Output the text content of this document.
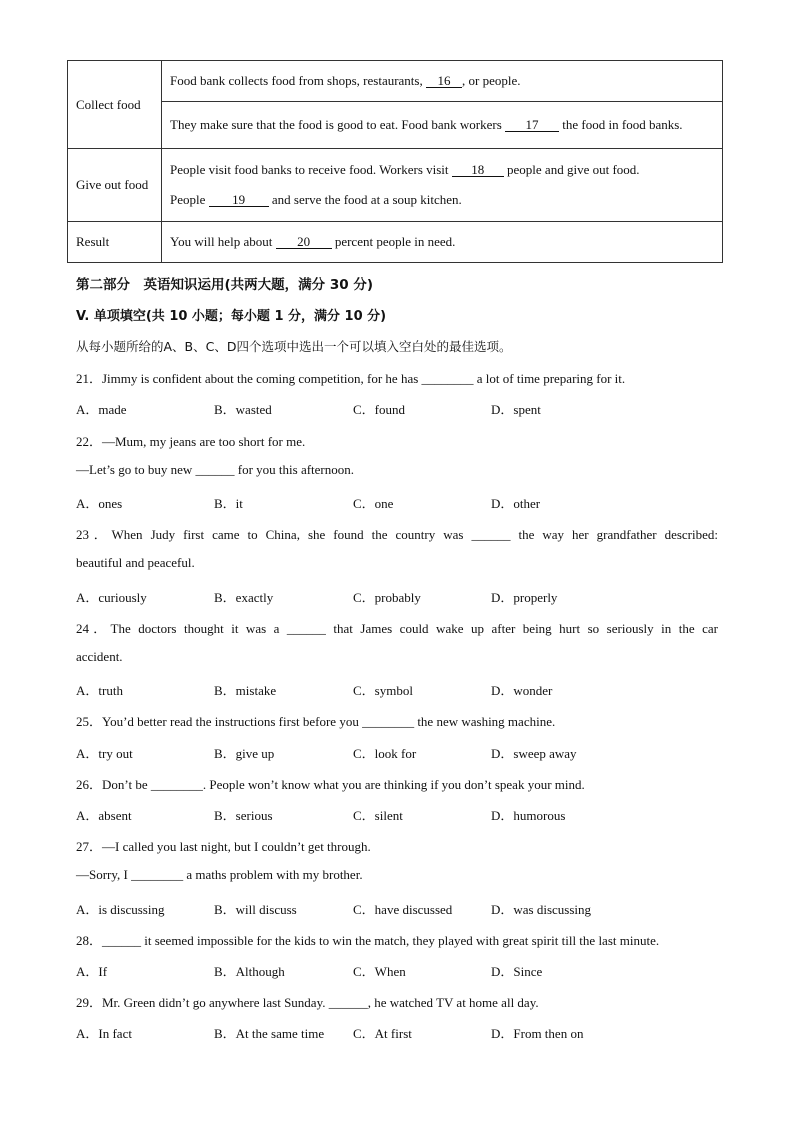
Collect food	Food bank collects food from shops, restaurants, 16 , or people.
	They make sure that the food is good to eat. Food bank workers 17 the food in food banks.
Give out food	People visit food banks to receive food. Workers visit 18 people and give out food.
People 19 and serve the food at a soup kitchen.

Result	You will help about 20 percent people in need.
第二部分　英语知识运用(共两大题，满分 30 分)
V. 单项填空(共 10 小题；每小题 1 分，满分 10 分)
从每小题所给的A、B、C、D四个选项中选出一个可以填入空白处的最佳选项。
21．Jimmy is confident about the coming competition, for he has ________ a lot of time preparing for it.
A．made	B．wasted	C．found	D．spent
22．—Mum, my jeans are too short for me.
—Let’s go to buy new ______ for you this afternoon.
A．ones	B．it	C．one	D．other
23．When Judy first came to China, she found the country was ______ the way her grandfather described:
beautiful and peaceful.
A．curiously	B．exactly	C．probably	D．properly
24．The doctors thought it was a ______ that James could wake up after being hurt so seriously in the car
accident.
A．truth	B．mistake	C．symbol	D．wonder
25．You’d better read the instructions first before you ________ the new washing machine.
A．try out	B．give up	C．look for	D．sweep away
26．Don’t be ________. People won’t know what you are thinking if you don’t speak your mind.
A．absent	B．serious	C．silent	D．humorous
27．—I called you last night, but I couldn’t get through.
—Sorry, I ________ a maths problem with my brother.
A．is discussing	B．will discuss	C．have discussed	D．was discussing
28．______ it seemed impossible for the kids to win the match, they played with great spirit till the last minute.
A．If	B．Although	C．When	D．Since
29．Mr. Green didn’t go anywhere last Sunday. ______, he watched TV at home all day.
A．In fact	B．At the same time C．At first	D．From then on
